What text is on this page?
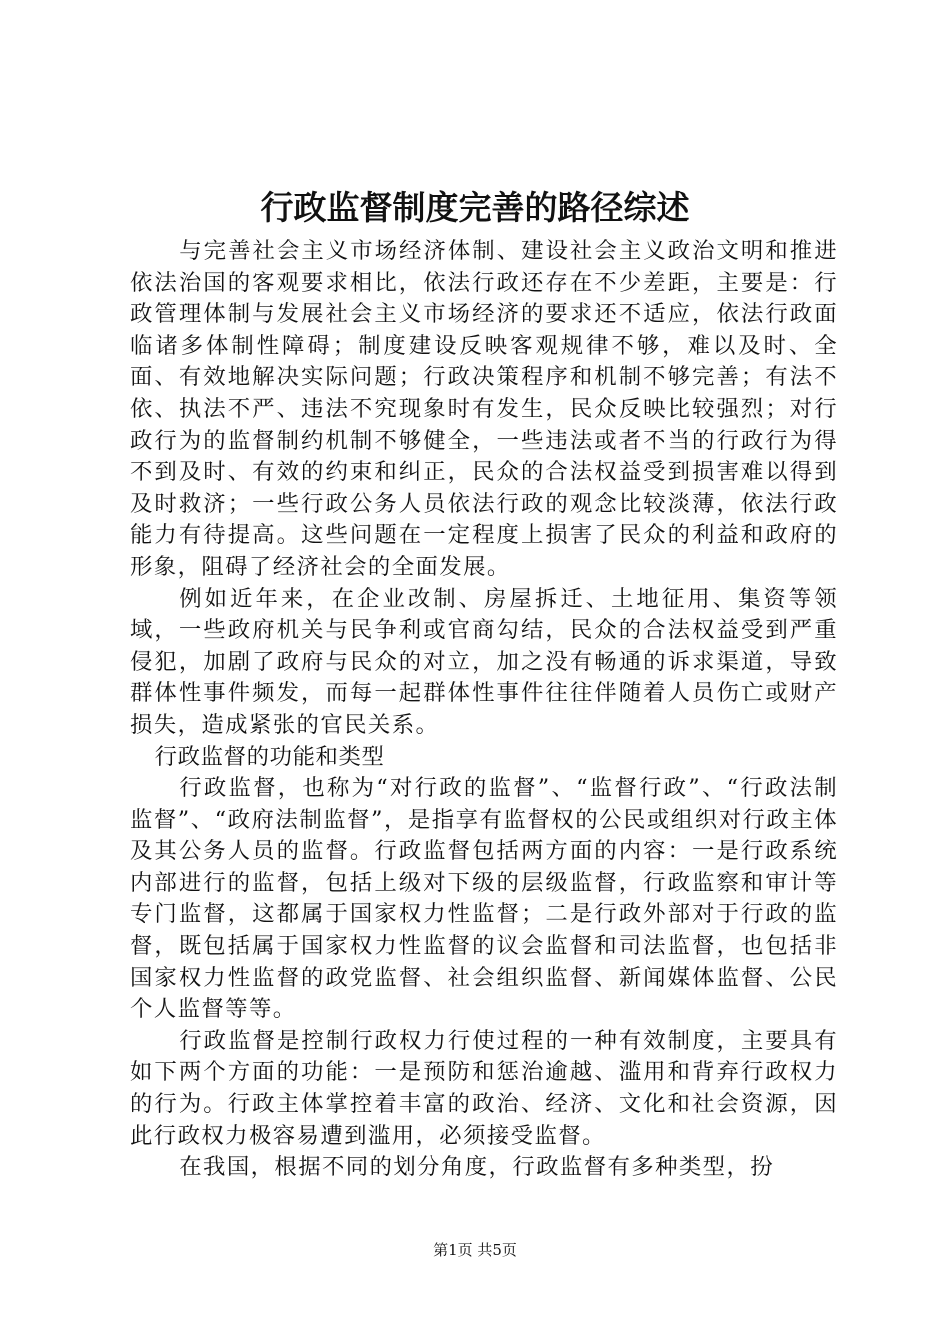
行政监督制度完善的路径综述

与完善社会主义市场经济体制、建设社会主义政治文明和推进依法治国的客观要求相比，依法行政还存在不少差距，主要是：行政管理体制与发展社会主义市场经济的要求还不适应，依法行政面临诸多体制性障碍；制度建设反映客观规律不够，难以及时、全面、有效地解决实际问题；行政决策程序和机制不够完善；有法不依、执法不严、违法不究现象时有发生，民众反映比较强烈；对行政行为的监督制约机制不够健全，一些违法或者不当的行政行为得不到及时、有效的约束和纠正，民众的合法权益受到损害难以得到及时救济；一些行政公务人员依法行政的观念比较淡薄，依法行政能力有待提高。这些问题在一定程度上损害了民众的利益和政府的形象，阻碍了经济社会的全面发展。

例如近年来，在企业改制、房屋拆迁、土地征用、集资等领域，一些政府机关与民争利或官商勾结，民众的合法权益受到严重侵犯，加剧了政府与民众的对立，加之没有畅通的诉求渠道，导致群体性事件频发，而每一起群体性事件往往伴随着人员伤亡或财产损失，造成紧张的官民关系。

行政监督的功能和类型

行政监督，也称为“对行政的监督”、“监督行政”、“行政法制监督”、“政府法制监督”，是指享有监督权的公民或组织对行政主体及其公务人员的监督。行政监督包括两方面的内容：一是行政系统内部进行的监督，包括上级对下级的层级监督，行政监察和审计等专门监督，这都属于国家权力性监督；二是行政外部对于行政的监督，既包括属于国家权力性监督的议会监督和司法监督，也包括非国家权力性监督的政党监督、社会组织监督、新闻媒体监督、公民个人监督等等。

行政监督是控制行政权力行使过程的一种有效制度，主要具有如下两个方面的功能：一是预防和惩治逾越、滥用和背弃行政权力的行为。行政主体掌控着丰富的政治、经济、文化和社会资源，因此行政权力极容易遭到滥用，必须接受监督。

在我国，根据不同的划分角度，行政监督有多种类型，扮

第1页 共5页
